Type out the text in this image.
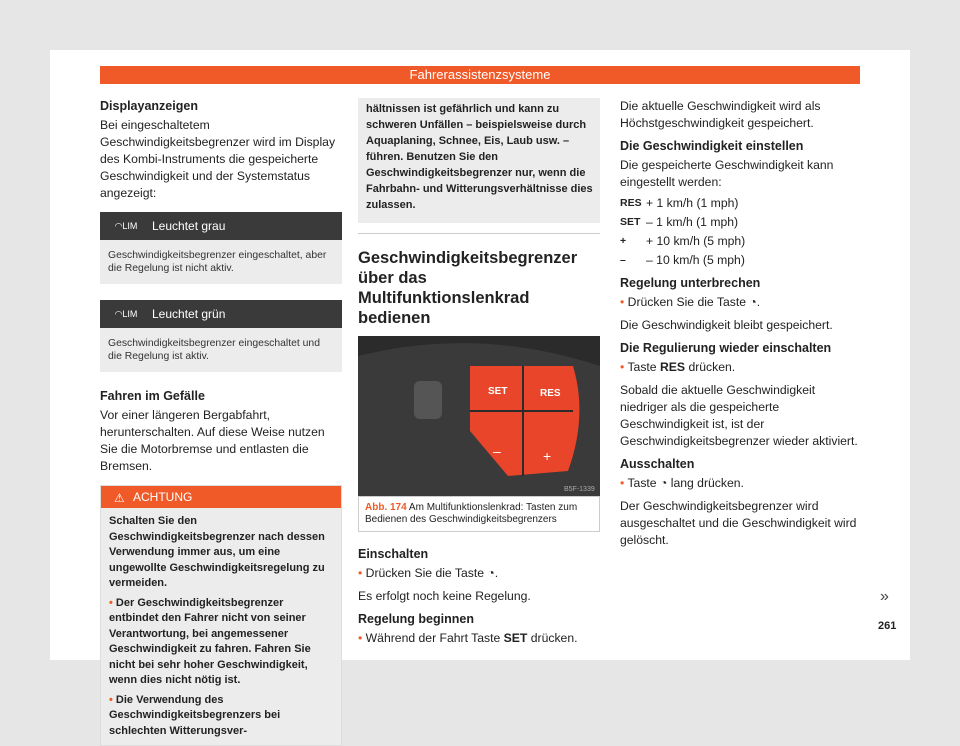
Fahrerassistenzsysteme
Displayanzeigen

Bei eingeschaltetem Geschwindigkeitsbegrenzer wird im Display des Kombi-Instruments die gespeicherte Geschwindigkeit und der Systemstatus angezeigt:

◠LIM	Leuchtet grau
Geschwindigkeitsbegrenzer eingeschaltet, aber die Regelung ist nicht aktiv.
◠LIM	Leuchtet grün
Geschwindigkeitsbegrenzer eingeschaltet und die Regelung ist aktiv.
Fahren im Gefälle

Vor einer längeren Bergabfahrt, herunterschalten. Auf diese Weise nutzen Sie die Motorbremse und entlasten die Bremsen.

⚠ ACHTUNG

Schalten Sie den Geschwindigkeitsbegrenzer nach dessen Verwendung immer aus, um eine ungewollte Geschwindigkeitsregelung zu vermeiden.

• Der Geschwindigkeitsbegrenzer entbindet den Fahrer nicht von seiner Verantwortung, bei angemessener Geschwindigkeit zu fahren. Fahren Sie nicht bei sehr hoher Geschwindigkeit, wenn dies nicht nötig ist.

• Die Verwendung des Geschwindigkeitsbegrenzers bei schlechten Witterungsver-

hältnissen ist gefährlich und kann zu schweren Unfällen – beispielsweise durch Aquaplaning, Schnee, Eis, Laub usw. – führen. Benutzen Sie den Geschwindigkeitsbegrenzer nur, wenn die Fahrbahn- und Witterungsverhältnisse dies zulassen.
Geschwindigkeitsbegrenzer über das Multifunktionslenkrad bedienen
SET	RES
–	+
B5F-1339
Abb. 174 Am Multifunktionslenkrad: Tasten zum Bedienen des Geschwindigkeitsbegrenzers
Einschalten

• Drücken Sie die Taste ◔.

Es erfolgt noch keine Regelung.

Regelung beginnen

• Während der Fahrt Taste SET drücken.

Die aktuelle Geschwindigkeit wird als Höchstgeschwindigkeit gespeichert.

Die Geschwindigkeit einstellen

Die gespeicherte Geschwindigkeit kann eingestellt werden:

RES + 1 km/h (1 mph)
SET – 1 km/h (1 mph)
+	+ 10 km/h (5 mph)
–	– 10 km/h (5 mph)
Regelung unterbrechen

• Drücken Sie die Taste ◔.

Die Geschwindigkeit bleibt gespeichert.

Die Regulierung wieder einschalten

• Taste RES drücken.

Sobald die aktuelle Geschwindigkeit niedriger als die gespeicherte Geschwindigkeit ist, ist der Geschwindigkeitsbegrenzer wieder aktiviert.

Ausschalten

• Taste ◔ lang drücken.

Der Geschwindigkeitsbegrenzer wird ausgeschaltet und die Geschwindigkeit wird gelöscht.

»
261
